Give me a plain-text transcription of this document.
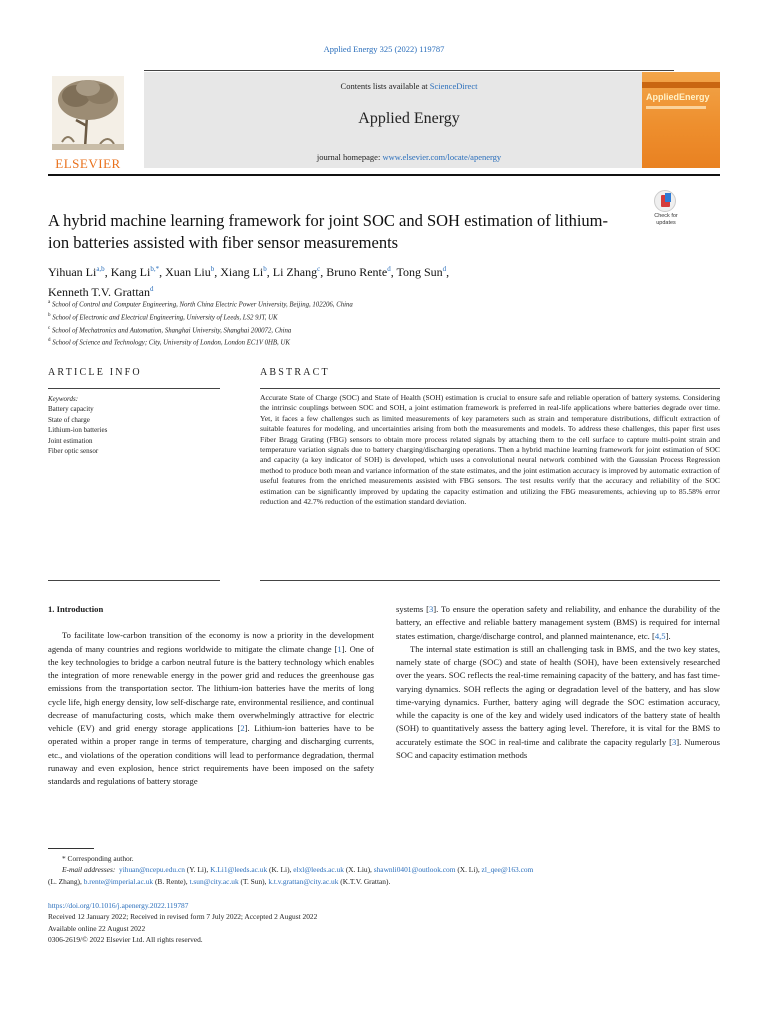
Applied Energy 325 (2022) 119787
ELSEVIER
Contents lists available at ScienceDirect
Applied Energy
journal homepage: www.elsevier.com/locate/apenergy
AppliedEnergy
A hybrid machine learning framework for joint SOC and SOH estimation of lithium-ion batteries assisted with fiber sensor measurements
Check for
updates
Yihuan Li$^{a,b}$, Kang $Li^{b,*}$, Xuan Liu$^b$, Xiang Li$^b$, Li Zhang$^c$, Bruno Rente$^d$, Tong Sun$^d$,
Kenneth T.V. Grattan$^d$
$^a$ School of Control and Computer Engineering, North China Electric Power University, Beijing, 102206, China
$^b$ School of Electronic and Electrical Engineering, University of Leeds, LS2 9JT, UK
$^c$ School of Mechatronics and Automation, Shanghai University, Shanghai 200072, China
$^d$ School of Science and Technology; City, University of London, London EC1V 0HB, UK
ARTICLE INFO	ABSTRACT
Keywords:
Battery capacity
State of charge
Lithium-ion batteries
Joint estimation
Fiber optic sensor
Accurate State of Charge (SOC) and State of Health (SOH) estimation is crucial to ensure safe and reliable operation of battery systems. Considering the intrinsic couplings between SOC and SOH, a joint estimation framework is preferred in real-life applications where batteries degrade over time. Yet, it faces a few challenges such as limited measurements of key parameters such as strain and temperature distributions, difficult extraction of suitable features for modeling, and uncertainties arising from both the measurements and models. To address these challenges, this paper first uses Fiber Bragg Grating (FBG) sensors to obtain more process related signals by attaching them to the cell surface to capture multi-point strain and temperature variation signals due to battery charging/discharging operations. Then a hybrid machine learning framework for joint estimation of SOC and capacity (a key indicator of SOH) is developed, which uses a convolutional neural network combined with the Gaussian Process Regression method to produce both mean and variance information of the state estimates, and the joint estimation accuracy is improved by automatic extraction of useful features from the enriched measurements assisted with FBG sensors. The test results verify that the accuracy and reliability of the SOC estimation can be significantly improved by updating the capacity estimation and utilizing the FBG measurements, achieving up to 85.58% error reduction and 42.7% reduction of the estimation standard deviation.
1. Introduction
To facilitate low-carbon transition of the economy is now a priority in the development agenda of many countries and regions worldwide to mitigate the climate change [1]. One of the key technologies to bridge a carbon neutral future is the battery technology which enables the integration of more renewable energy in the power grid and reduces the greenhouse gas emissions from the transportation sector. The lithium-ion batteries have the merits of long cycle life, high energy density, low self-discharge rate, environmental resilience, and continual decrease of manufacturing costs, which make them overwhelmingly attractive for electric vehicle (EV) and grid energy storage applications [2]. Lithium-ion batteries have to be operated within a proper range in terms of temperature, charging and discharging currents, etc., and violations of the operation conditions will lead to performance degradation, thermal runaway and even explosion, hence strict requirements have been imposed on the safety standards and regulations of battery storage
systems [3]. To ensure the operation safety and reliability, and enhance the durability of the battery, an effective and reliable battery management system (BMS) is required for internal states estimation, charge/discharge control, and planned maintenance, etc. [4,5].
The internal state estimation is still an challenging task in BMS, and the two key states, namely state of charge (SOC) and state of health (SOH), have been extensively researched over the years. SOC reflects the real-time remaining capacity of the battery, and has fast time-varying dynamics. SOH reflects the aging or degradation level of the battery, and has slow time-varying dynamics. Further, battery aging will degrade the SOC estimation accuracy, while the capacity is one of the key and widely used indicators of the battery state of health (SOH) to quantitatively assess the battery aging level. Therefore, it is vital for the BMS to accurately estimate the SOC in real-time and calibrate the capacity regularly [3]. Numerous SOC and capacity estimation methods
* Corresponding author.
E-mail addresses: yihuan@ncepu.edu.cn (Y. Li), K.Li1@leeds.ac.uk (K. Li), elxl@leeds.ac.uk (X. Liu), shawnli0401@outlook.com (X. Li), zl_qee@163.com
(L. Zhang), b.rente@imperial.ac.uk (B. Rente), t.sun@city.ac.uk (T. Sun), k.t.v.grattan@city.ac.uk (K.T.V. Grattan).
https://doi.org/10.1016/j.apenergy.2022.119787
Received 12 January 2022; Received in revised form 7 July 2022; Accepted 2 August 2022
Available online 22 August 2022
0306-2619/© 2022 Elsevier Ltd. All rights reserved.
